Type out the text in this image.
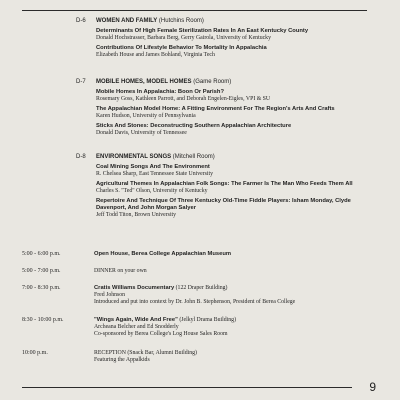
D-6 WOMEN AND FAMILY (Hutchins Room)
Determinants Of High Female Sterilization Rates In An East Kentucky County
Donald Hochstrasser, Barbara Berg, Gerry Gairola, University of Kentucky
Contributions Of Lifestyle Behavior To Mortality In Appalachia
Elizabeth House and James Bohland, Virginia Tech
D-7 MOBILE HOMES, MODEL HOMES (Game Room)
Mobile Homes In Appalachia: Boon Or Parish?
Rosemary Goss, Kathleen Parrott, and Deborah Engelen-Eigles, VPI & SU
The Appalachian Model Home: A Fitting Environment For The Region's Arts And Crafts
Karen Hudson, University of Pennsylvania
Sticks And Stones: Deconstructing Southern Appalachian Architecture
Donald Davis, University of Tennessee
D-8 ENVIRONMENTAL SONGS (Mitchell Room)
Coal Mining Songs And The Environment
R. Chelsea Sharp, East Tennessee State University
Agricultural Themes In Appalachian Folk Songs: The Farmer Is The Man Who Feeds Them All
Charles S. "Ted" Olson, University of Kentucky
Repertoire And Technique Of Three Kentucky Old-Time Fiddle Players: Isham Monday, Clyde Davenport, And John Morgan Salyer
Jeff Todd Titon, Brown University
5:00 - 6:00 p.m.	Open House, Berea College Appalachian Museum
5:00 - 7:00 p.m.	DINNER on your own
7:00 - 8:30 p.m.	Cratis Williams Documentary (122 Draper Building)
Fred Johnson
Introduced and put into context by Dr. John B. Stephenson, President of Berea College
8:30 - 10:00 p.m.	"Wings Again, Wide And Free" (Jelkyl Drama Building)
Archeana Belcher and Ed Snodderly
Co-sponsored by Berea College's Log House Sales Room
10:00 p.m.	RECEPTION (Snack Bar, Alumni Building)
Featuring the Appalkids
9
